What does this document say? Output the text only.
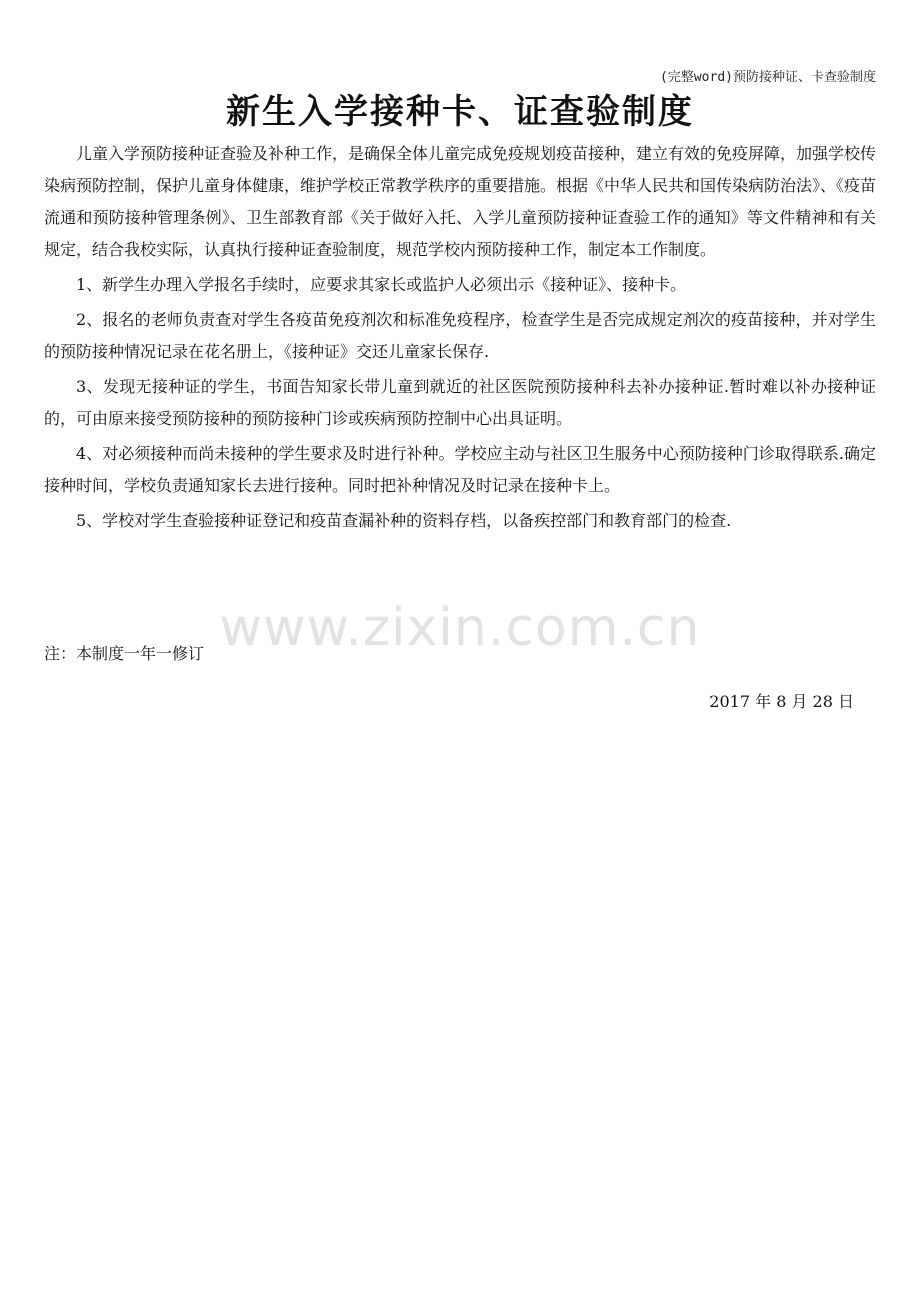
(完整word)预防接种证、卡查验制度
新生入学接种卡、证查验制度

儿童入学预防接种证查验及补种工作，是确保全体儿童完成免疫规划疫苗接种，建立有效的免疫屏障，加强学校传染病预防控制，保护儿童身体健康，维护学校正常教学秩序的重要措施。根据《中华人民共和国传染病防治法》、《疫苗流通和预防接种管理条例》、卫生部教育部《关于做好入托、入学儿童预防接种证查验工作的通知》等文件精神和有关规定，结合我校实际，认真执行接种证查验制度，规范学校内预防接种工作，制定本工作制度。

1、新学生办理入学报名手续时，应要求其家长或监护人必须出示《接种证》、接种卡。

2、报名的老师负责查对学生各疫苗免疫剂次和标准免疫程序，检查学生是否完成规定剂次的疫苗接种，并对学生的预防接种情况记录在花名册上，《接种证》交还儿童家长保存.

3、发现无接种证的学生，书面告知家长带儿童到就近的社区医院预防接种科去补办接种证.暂时难以补办接种证的，可由原来接受预防接种的预防接种门诊或疾病预防控制中心出具证明。

4、对必须接种而尚未接种的学生要求及时进行补种。学校应主动与社区卫生服务中心预防接种门诊取得联系.确定接种时间，学校负责通知家长去进行接种。同时把补种情况及时记录在接种卡上。

5、学校对学生查验接种证登记和疫苗查漏补种的资料存档，以备疾控部门和教育部门的检查.

www.zixin.com.cn
注：本制度一年一修订
2017 年 8 月 28 日
